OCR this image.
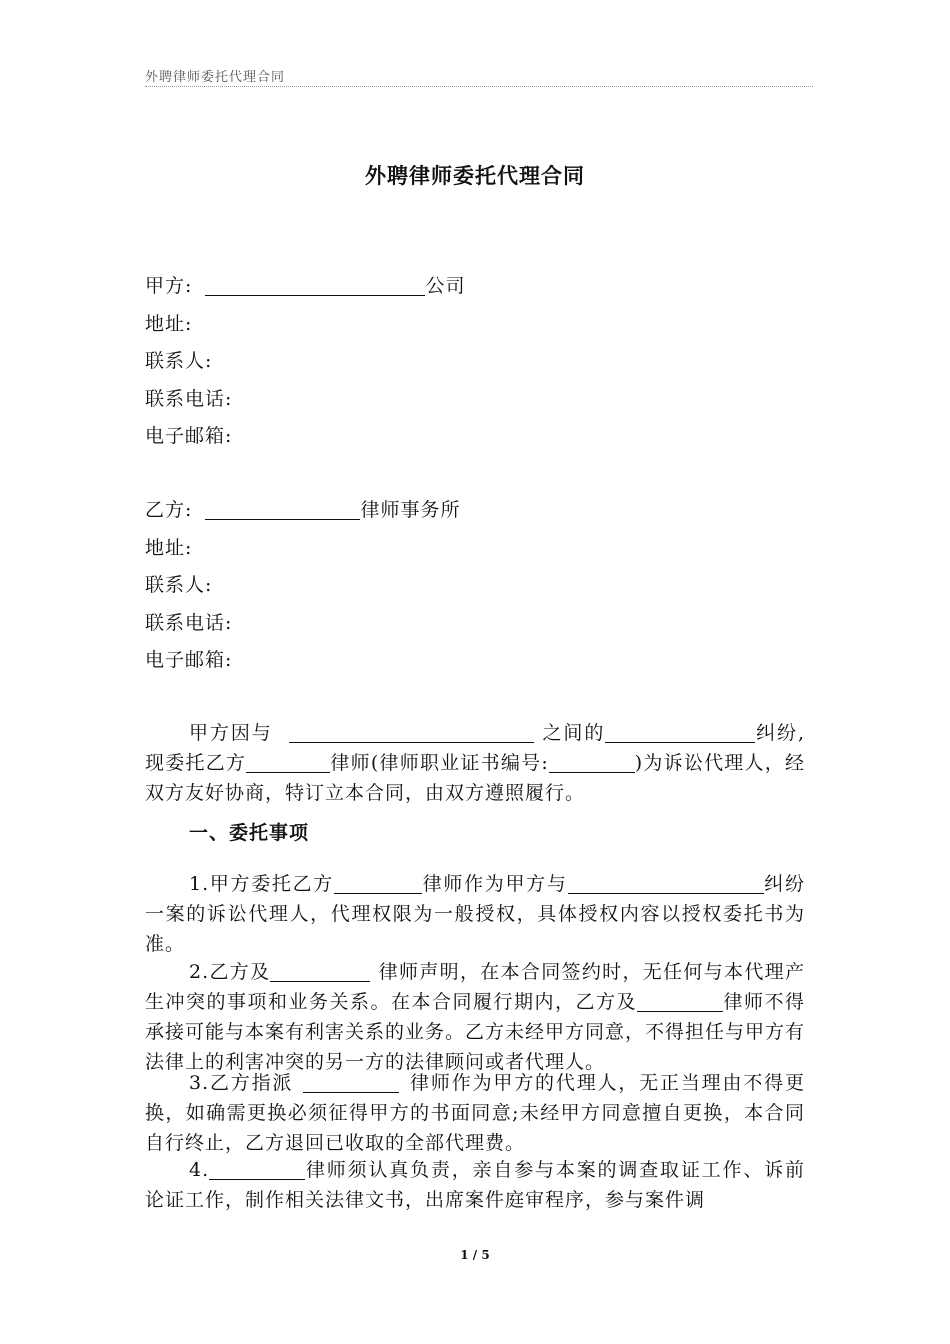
外聘律师委托代理合同
外聘律师委托代理合同
甲方:	公司
地址:
联系人:
联系电话:
电子邮箱:
乙方:	律师事务所
地址:
联系人:
联系电话:
电子邮箱:

甲方因与	之间的	纠纷,现委托乙方	律师(律师职业证书编号:	)为诉讼代理人，经双方友好协商，特订立本合同，由双方遵照履行。

一、委托事项

1.甲方委托乙方	律师作为甲方与	纠纷一案的诉讼代理人，代理权限为一般授权，具体授权内容以授权委托书为准。

2.乙方及	律师声明，在本合同签约时，无任何与本代理产生冲突的事项和业务关系。在本合同履行期内，乙方及	律师不得承接可能与本案有利害关系的业务。乙方未经甲方同意，不得担任与甲方有法律上的利害冲突的另一方的法律顾问或者代理人。

3.乙方指派	律师作为甲方的代理人，无正当理由不得更换，如确需更换必须征得甲方的书面同意;未经甲方同意擅自更换，本合同自行终止，乙方退回已收取的全部代理费。

4.	律师须认真负责，亲自参与本案的调查取证工作、诉前论证工作，制作相关法律文书，出席案件庭审程序，参与案件调

1 / 5
